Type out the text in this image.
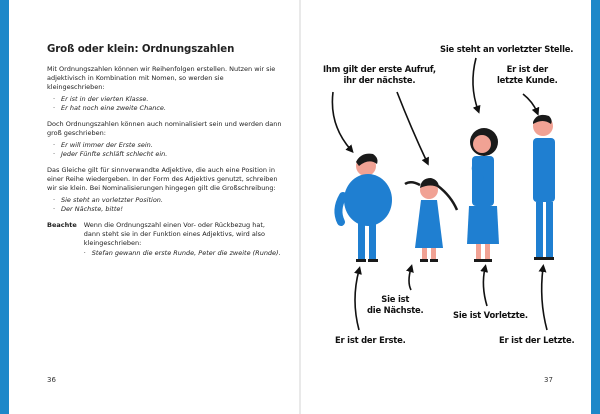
Groß oder klein: Ordnungszahlen

Mit Ordnungszahlen können wir Reihenfolgen erstellen. Nutzen wir sie adjektivisch in Kombination mit Nomen, so werden sie kleingeschrieben:

· Er ist in der vierten Klasse.
· Er hat noch eine zweite Chance.

Doch Ordnungszahlen können auch nominalisiert sein und werden dann groß geschrieben:

· Er will immer der Erste sein.
· Jeder Fünfte schläft schlecht ein.

Das Gleiche gilt für sinnverwandte Adjektive, die auch eine Position in einer Reihe wiedergeben. In der Form des Adjektivs genutzt, schreiben wir sie klein. Bei Nominalisierungen hingegen gilt die Großschreibung:

· Sie steht an vorletzter Position.
· Der Nächste, bitte!
Beachte Wenn die Ordnungszahl einen Vor- oder Rückbezug hat, dann steht sie in der Funktion eines Adjektivs, wird also kleingeschrieben:

· Stefan gewann die erste Runde, Peter die zweite (Runde).
36
Ihm gilt der erste Aufruf,
ihr der nächste.
Sie steht an vorletzter Stelle.
Er ist der
letzte Kunde.
Sie ist
die Nächste.	Sie ist Vorletzte.
Er ist der Erste.	Er ist der Letzte.
37
